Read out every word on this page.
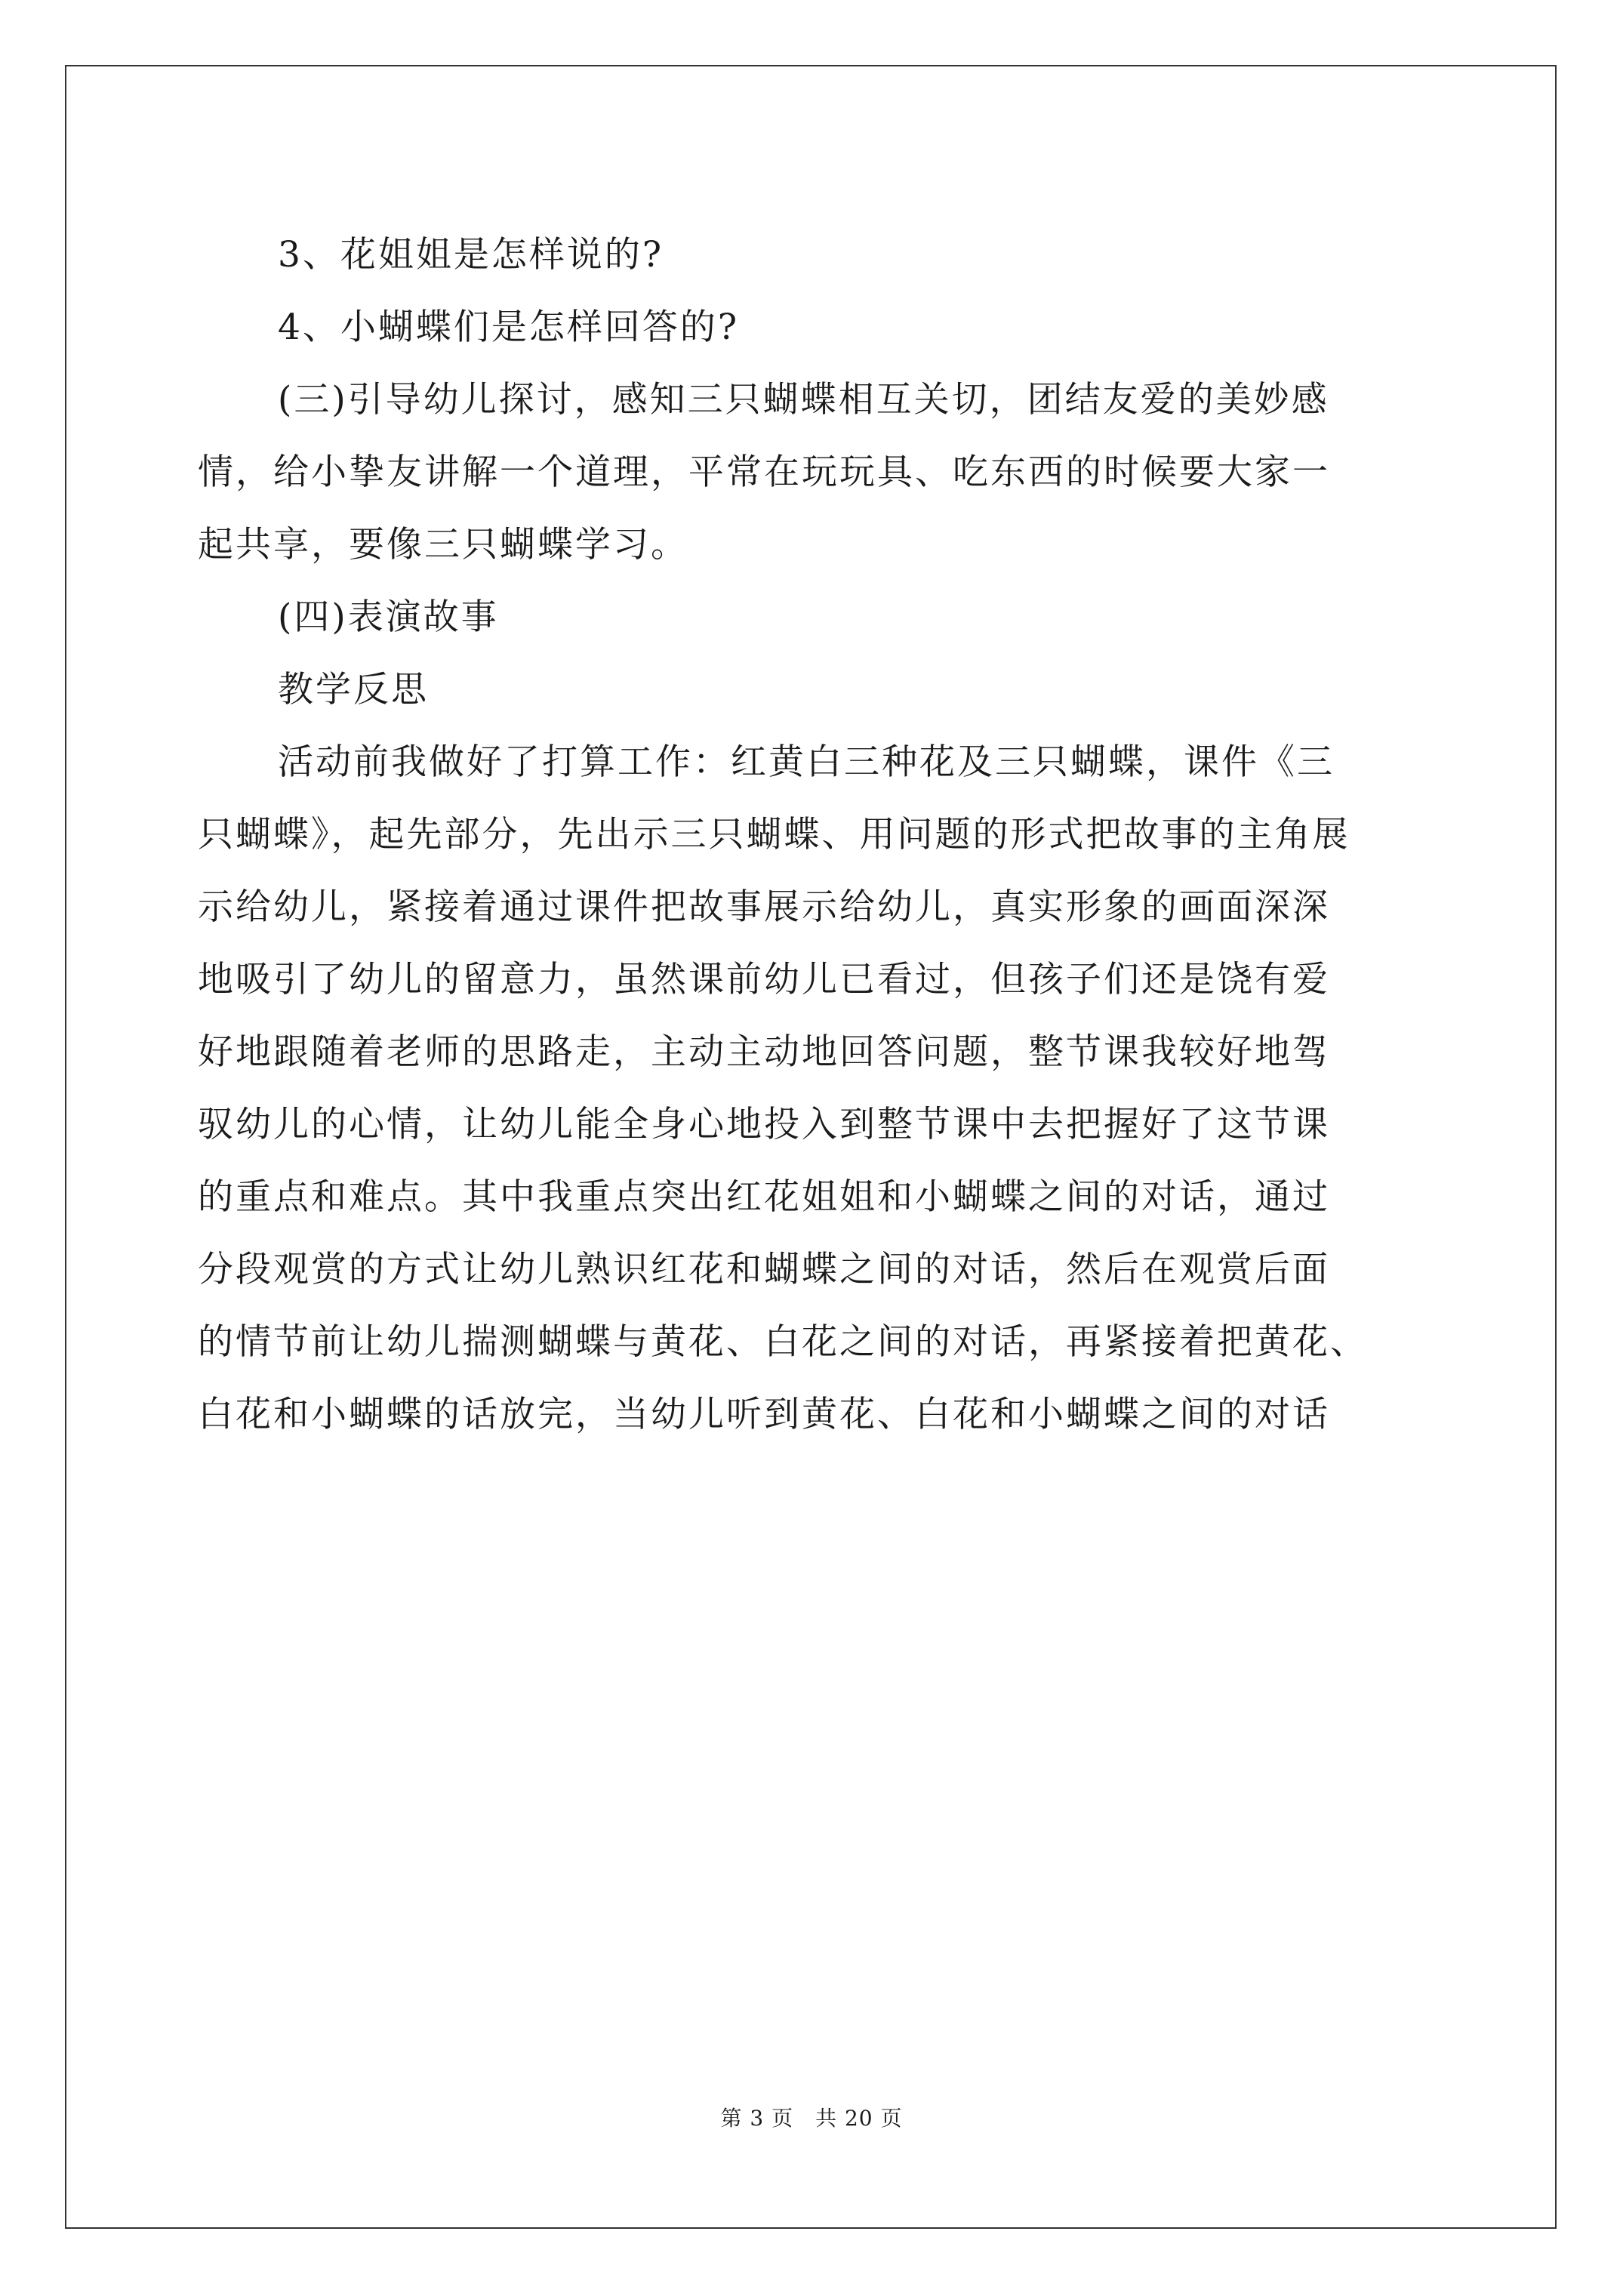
3、花姐姐是怎样说的?
4、小蝴蝶们是怎样回答的?
(三)引导幼儿探讨，感知三只蝴蝶相互关切，团结友爱的美妙感
情，给小挚友讲解一个道理，平常在玩玩具、吃东西的时候要大家一
起共享，要像三只蝴蝶学习。
(四)表演故事
教学反思
活动前我做好了打算工作：红黄白三种花及三只蝴蝶，课件《三
只蝴蝶》，起先部分，先出示三只蝴蝶、用问题的形式把故事的主角展
示给幼儿，紧接着通过课件把故事展示给幼儿，真实形象的画面深深
地吸引了幼儿的留意力，虽然课前幼儿已看过，但孩子们还是饶有爱
好地跟随着老师的思路走，主动主动地回答问题，整节课我较好地驾
驭幼儿的心情，让幼儿能全身心地投入到整节课中去把握好了这节课
的重点和难点。其中我重点突出红花姐姐和小蝴蝶之间的对话，通过
分段观赏的方式让幼儿熟识红花和蝴蝶之间的对话，然后在观赏后面
的情节前让幼儿揣测蝴蝶与黄花、白花之间的对话，再紧接着把黄花、
白花和小蝴蝶的话放完，当幼儿听到黄花、白花和小蝴蝶之间的对话
第 3 页　共 20 页
